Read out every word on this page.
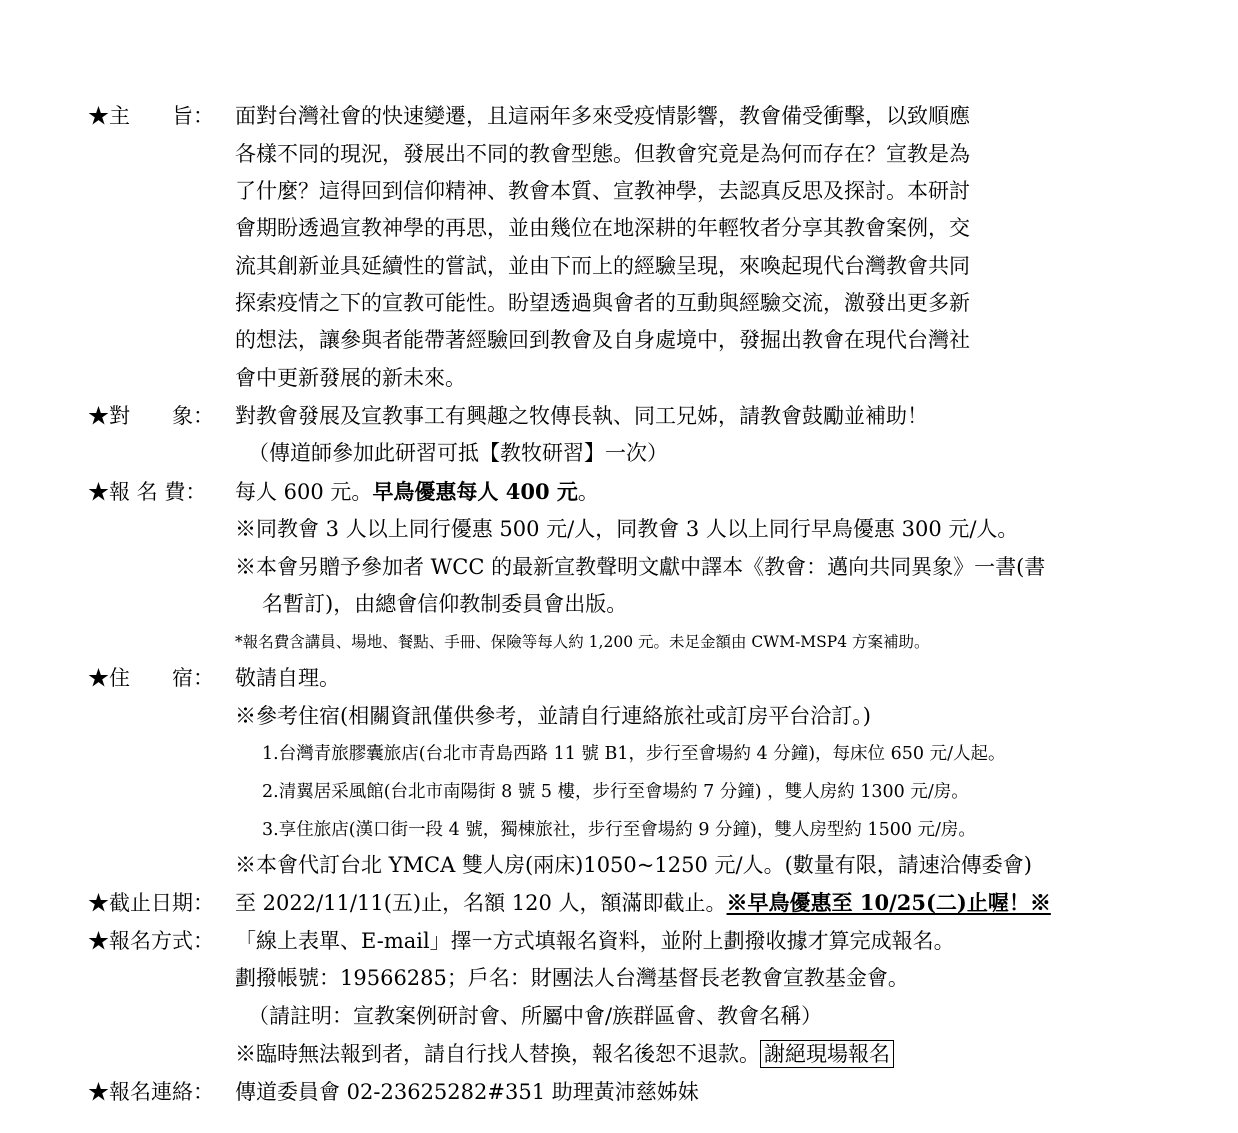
★主　　旨： 面對台灣社會的快速變遷，且這兩年多來受疫情影響，教會備受衝擊，以致順應
各樣不同的現況，發展出不同的教會型態。但教會究竟是為何而存在？宣教是為
了什麼？這得回到信仰精神、教會本質、宣教神學，去認真反思及探討。本研討
會期盼透過宣教神學的再思，並由幾位在地深耕的年輕牧者分享其教會案例，交
流其創新並具延續性的嘗試，並由下而上的經驗呈現，來喚起現代台灣教會共同
探索疫情之下的宣教可能性。盼望透過與會者的互動與經驗交流，激發出更多新
的想法，讓參與者能帶著經驗回到教會及自身處境中，發掘出教會在現代台灣社
會中更新發展的新未來。
★對　　象： 對教會發展及宣教事工有興趣之牧傳長執、同工兄姊，請教會鼓勵並補助！
（傳道師參加此研習可抵【教牧研習】一次）
★報 名 費： 每人 600 元。早鳥優惠每人 400 元。
※同教會 3 人以上同行優惠 500 元/人，同教會 3 人以上同行早鳥優惠 300 元/人。
※本會另贈予參加者 WCC 的最新宣教聲明文獻中譯本《教會：邁向共同異象》一書(書
名暫訂)，由總會信仰教制委員會出版。
*報名費含講員、場地、餐點、手冊、保險等每人約 1,200 元。未足金額由 CWM-MSP4 方案補助。
★住　　宿： 敬請自理。
※參考住宿(相關資訊僅供參考，並請自行連絡旅社或訂房平台洽訂。)
1.台灣青旅膠囊旅店(台北市青島西路 11 號 B1，步行至會場約 4 分鐘)，每床位 650 元/人起。
2.清翼居采風館(台北市南陽街 8 號 5 樓，步行至會場約 7 分鐘) ，雙人房約 1300 元/房。
3.享住旅店(漢口街一段 4 號，獨棟旅社，步行至會場約 9 分鐘)，雙人房型約 1500 元/房。
※本會代訂台北 YMCA 雙人房(兩床)1050~1250 元/人。(數量有限，請速洽傳委會)
★截止日期： 至 2022/11/11(五)止，名額 120 人，額滿即截止。※早鳥優惠至 10/25(二)止喔！※
★報名方式： 「線上表單、E-mail」擇一方式填報名資料，並附上劃撥收據才算完成報名。
劃撥帳號：19566285；戶名：財團法人台灣基督長老教會宣教基金會。
（請註明：宣教案例研討會、所屬中會/族群區會、教會名稱）
※臨時無法報到者，請自行找人替換，報名後恕不退款。 謝絕現場報名
★報名連絡： 傳道委員會 02-23625282#351 助理黃沛慈姊妹
